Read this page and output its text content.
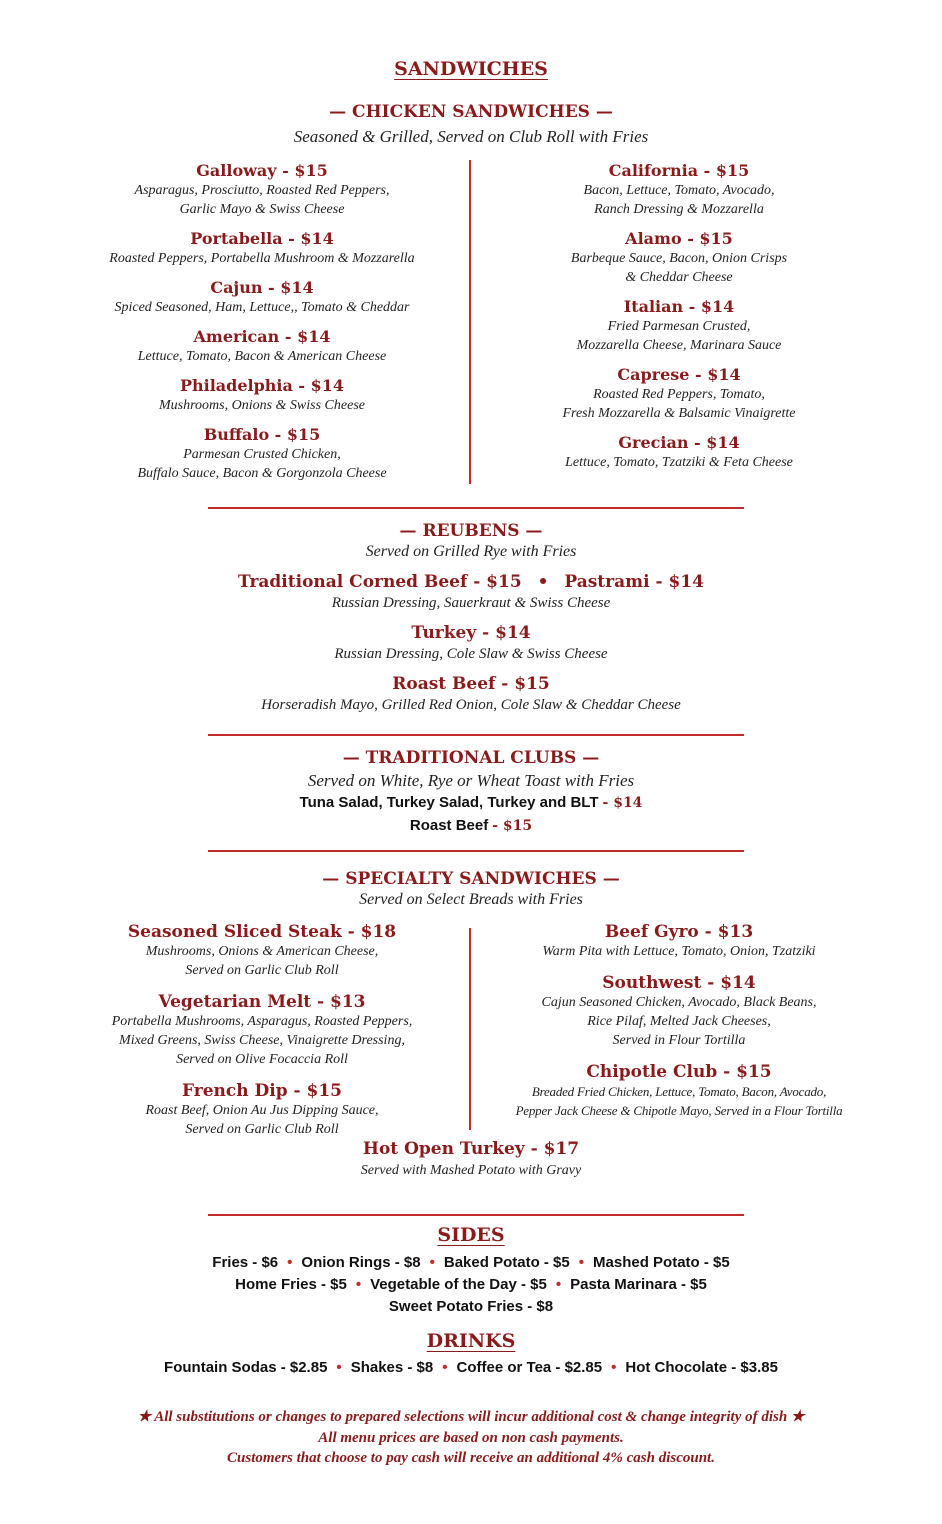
SANDWICHES
— CHICKEN SANDWICHES —
Seasoned & Grilled, Served on Club Roll with Fries
Galloway - $15
Asparagus, Prosciutto, Roasted Red Peppers,
Garlic Mayo & Swiss Cheese
Portabella - $14
Roasted Peppers, Portabella Mushroom & Mozzarella
Cajun - $14
Spiced Seasoned, Ham, Lettuce,, Tomato & Cheddar
American - $14
Lettuce, Tomato, Bacon & American Cheese
Philadelphia - $14
Mushrooms, Onions & Swiss Cheese
Buffalo - $15
Parmesan Crusted Chicken,
Buffalo Sauce, Bacon & Gorgonzola Cheese
California - $15
Bacon, Lettuce, Tomato, Avocado,
Ranch Dressing & Mozzarella
Alamo - $15
Barbeque Sauce, Bacon, Onion Crisps
& Cheddar Cheese
Italian - $14
Fried Parmesan Crusted,
Mozzarella Cheese, Marinara Sauce
Caprese - $14
Roasted Red Peppers, Tomato,
Fresh Mozzarella & Balsamic Vinaigrette
Grecian - $14
Lettuce, Tomato, Tzatziki & Feta Cheese
— REUBENS —
Served on Grilled Rye with Fries
Traditional Corned Beef - $15 • Pastrami - $14
Russian Dressing, Sauerkraut & Swiss Cheese
Turkey - $14
Russian Dressing, Cole Slaw & Swiss Cheese
Roast Beef - $15
Horseradish Mayo, Grilled Red Onion, Cole Slaw & Cheddar Cheese
— TRADITIONAL CLUBS —
Served on White, Rye or Wheat Toast with Fries
Tuna Salad, Turkey Salad, Turkey and BLT - $14
Roast Beef - $15
— SPECIALTY SANDWICHES —
Served on Select Breads with Fries
Seasoned Sliced Steak - $18
Mushrooms, Onions & American Cheese,
Served on Garlic Club Roll
Vegetarian Melt - $13
Portabella Mushrooms, Asparagus, Roasted Peppers,
Mixed Greens, Swiss Cheese, Vinaigrette Dressing,
Served on Olive Focaccia Roll
French Dip - $15
Roast Beef, Onion Au Jus Dipping Sauce,
Served on Garlic Club Roll
Beef Gyro - $13
Warm Pita with Lettuce, Tomato, Onion, Tzatziki
Southwest - $14
Cajun Seasoned Chicken, Avocado, Black Beans,
Rice Pilaf, Melted Jack Cheeses,
Served in Flour Tortilla
Chipotle Club - $15
Breaded Fried Chicken, Lettuce, Tomato, Bacon, Avocado,
Pepper Jack Cheese & Chipotle Mayo, Served in a Flour Tortilla
Hot Open Turkey - $17
Served with Mashed Potato with Gravy
SIDES
Fries - $6 • Onion Rings - $8 • Baked Potato - $5 • Mashed Potato - $5
Home Fries - $5 • Vegetable of the Day - $5 • Pasta Marinara - $5
Sweet Potato Fries - $8
DRINKS
Fountain Sodas - $2.85 • Shakes - $8 • Coffee or Tea - $2.85 • Hot Chocolate - $3.85
★ All substitutions or changes to prepared selections will incur additional cost & change integrity of dish ★
All menu prices are based on non cash payments.
Customers that choose to pay cash will receive an additional 4% cash discount.
